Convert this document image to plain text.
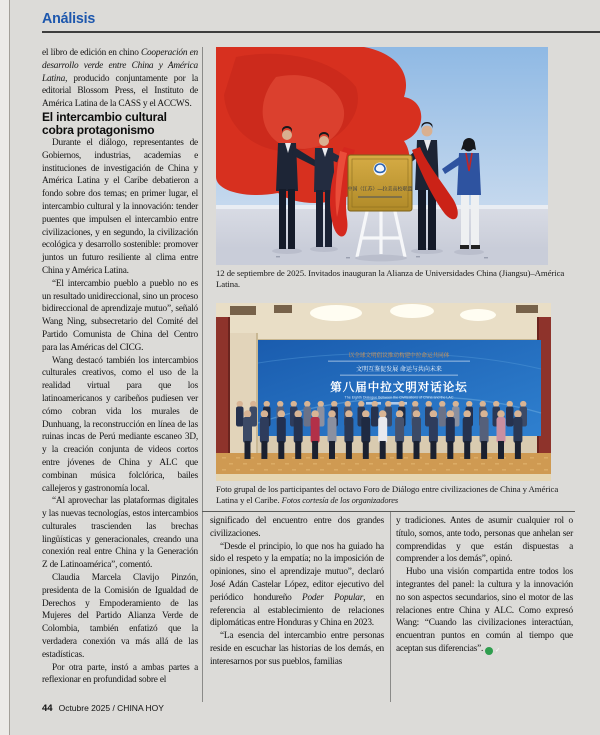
Análisis

el libro de edición en chino Cooperación en desarrollo verde entre China y América Latina, producido conjuntamente por la editorial Blossom Press, el Instituto de América Latina de la CASS y el ACCWS.

El intercambio cultural cobra protagonismo

Durante el diálogo, representantes de Gobiernos, industrias, academias e instituciones de investigación de China y América Latina y el Caribe debatieron a fondo sobre dos temas; en primer lugar, el intercambio cultural y la innovación: tender puentes que impulsen el intercambio entre civilizaciones, y en segundo, la civilización ecológica y desarrollo sostenible: promover juntos un futuro resiliente al clima entre China y América Latina.

“El intercambio pueblo a pueblo no es un resultado unidireccional, sino un proceso bidireccional de aprendizaje mutuo”, señaló Wang Ning, subsecretario del Comité del Partido Comunista de China del Centro para las Américas del CICG.

Wang destacó también los intercambios culturales creativos, como el uso de la realidad virtual para que los latinoamericanos y caribeños pudiesen ver cómo cobran vida los murales de Dunhuang, la reconstrucción en línea de las ruinas incas de Perú mediante escaneo 3D, y la creación conjunta de videos cortos entre jóvenes de China y ALC que combinan música folclórica, bailes callejeros y gastronomía local.

“Al aprovechar las plataformas digitales y las nuevas tecnologías, estos intercambios culturales trascienden las brechas lingüísticas y generacionales, creando una conexión real entre China y la Generación Z de Latinoamérica”, comentó.

Claudia Marcela Clavijo Pinzón, presidenta de la Comisión de Igualdad de Derechos y Empoderamiento de las Mujeres del Partido Alianza Verde de Colombia, también enfatizó que la verdadera conexión va más allá de las estadísticas.

Por otra parte, instó a ambas partes a reflexionar en profundidad sobre el

中国（江苏）—拉美高校联盟
12 de septiembre de 2025. Invitados inauguran la Alianza de Universidades China (Jiangsu)–América Latina.
以全球文明倡议推动构建中拉命运共同体
文明互鉴促发展 命运与共向未来
第八届中拉文明对话论坛
The Eighth Dialogue Between the Civilizations of China and the LAC
Foto grupal de los participantes del octavo Foro de Diálogo entre civilizaciones de China y América Latina y el Caribe. Fotos cortesía de los organizadores

significado del encuentro entre dos grandes civilizaciones.

“Desde el principio, lo que nos ha guiado ha sido el respeto y la empatía; no la imposición de opiniones, sino el aprendizaje mutuo”, declaró José Adán Castelar López, editor ejecutivo del periódico hondureño Poder Popular, en referencia al establecimiento de relaciones diplomáticas entre Honduras y China en 2023.

“La esencia del intercambio entre personas reside en escuchar las historias de los demás, en interesarnos por sus pueblos, familias

y tradiciones. Antes de asumir cualquier rol o título, somos, ante todo, personas que anhelan ser comprendidas y que están dispuestas a comprender a los demás”, opinó.

Hubo una visión compartida entre todos los integrantes del panel: la cultura y la innovación no son aspectos secundarios, sino el motor de las relaciones entre China y ALC. Como expresó Wang: “Cuando las civilizaciones interactúan, encuentran puntos en común al tiempo que aceptan sus diferencias”. ✓

44 Octubre 2025 / CHINA HOY
